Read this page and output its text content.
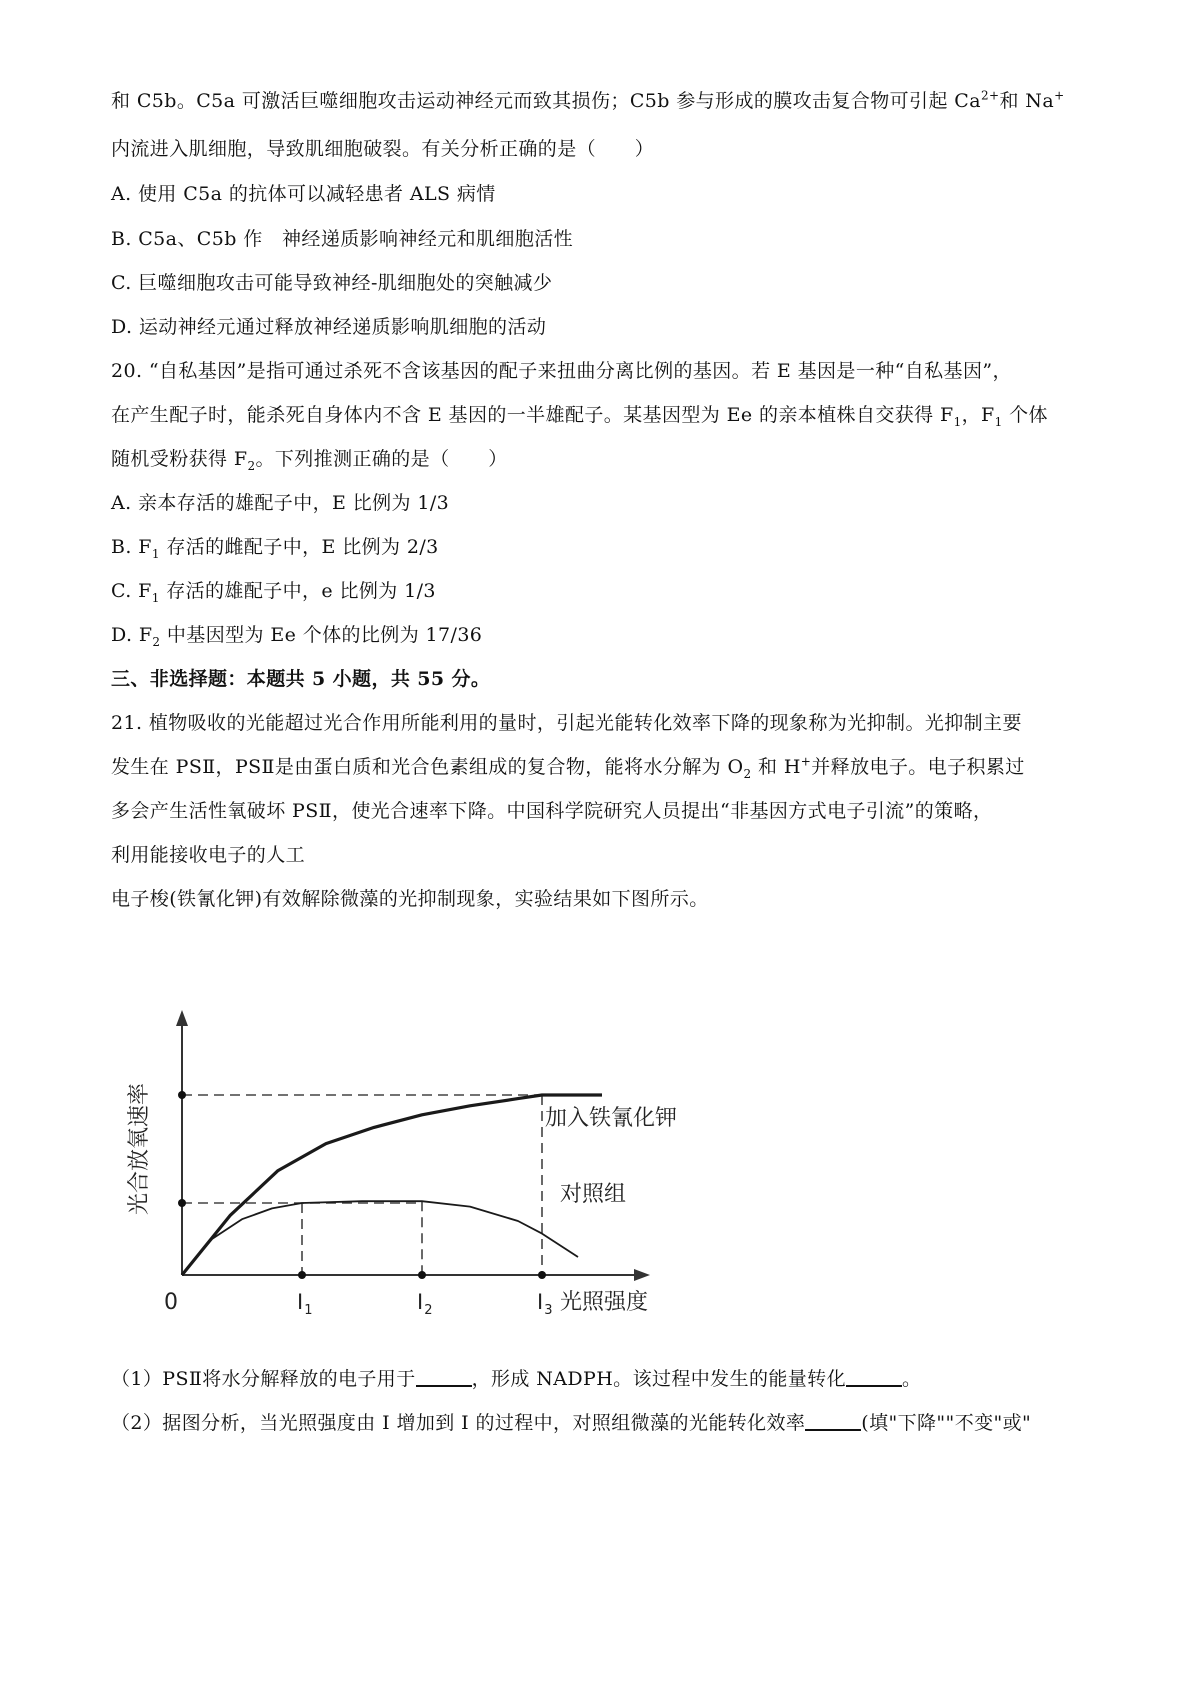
和 C5b。C5a 可激活巨噬细胞攻击运动神经元而致其损伤；C5b 参与形成的膜攻击复合物可引起 $Ca^{2+}$和 Na+

内流进入肌细胞，导致肌细胞破裂。有关分析正确的是（　　）

A. 使用 C5a 的抗体可以减轻患者 ALS 病情

B. C5a、C5b 作　神经递质影响神经元和肌细胞活性

C. 巨噬细胞攻击可能导致神经-肌细胞处的突触减少

D. 运动神经元通过释放神经递质影响肌细胞的活动

20. “自私基因”是指可通过杀死不含该基因的配子来扭曲分离比例的基因。若 E 基因是一种“自私基因”，

在产生配子时，能杀死自身体内不含 E 基因的一半雄配子。某基因型为 Ee 的亲本植株自交获得 $F_1$，$F_1$ 个体

随机受粉获得 $F_2$。下列推测正确的是（　　）

A. 亲本存活的雄配子中，E 比例为 1/3

B. $F_1$ 存活的雌配子中，E 比例为 2/3

C. $F_1$ 存活的雄配子中，e 比例为 1/3

D. $F_2$ 中基因型为 Ee 个体的比例为 17/36

三、非选择题：本题共 5 小题，共 55 分。

21. 植物吸收的光能超过光合作用所能利用的量时，引起光能转化效率下降的现象称为光抑制。光抑制主要

发生在 PSⅡ，PSⅡ是由蛋白质和光合色素组成的复合物，能将水分解为 $O_2$ 和 H+并释放电子。电子积累过

多会产生活性氧破坏 PSⅡ，使光合速率下降。中国科学院研究人员提出“非基因方式电子引流”的策略，

利用能接收电子的人工

电子梭(铁氰化钾)有效解除微藻的光抑制现象，实验结果如下图所示。

光合放氧速率
光照强度
0	$I_1$	$I_2$	$I_3$
加入铁氰化钾
对照组

（1）PSⅡ将水分解释放的电子用于	，形成 NADPH。该过程中发生的能量转化	。

（2）据图分析，当光照强度由 I 增加到 I 的过程中，对照组微藻的光能转化效率	(填"下降""不变"或"
